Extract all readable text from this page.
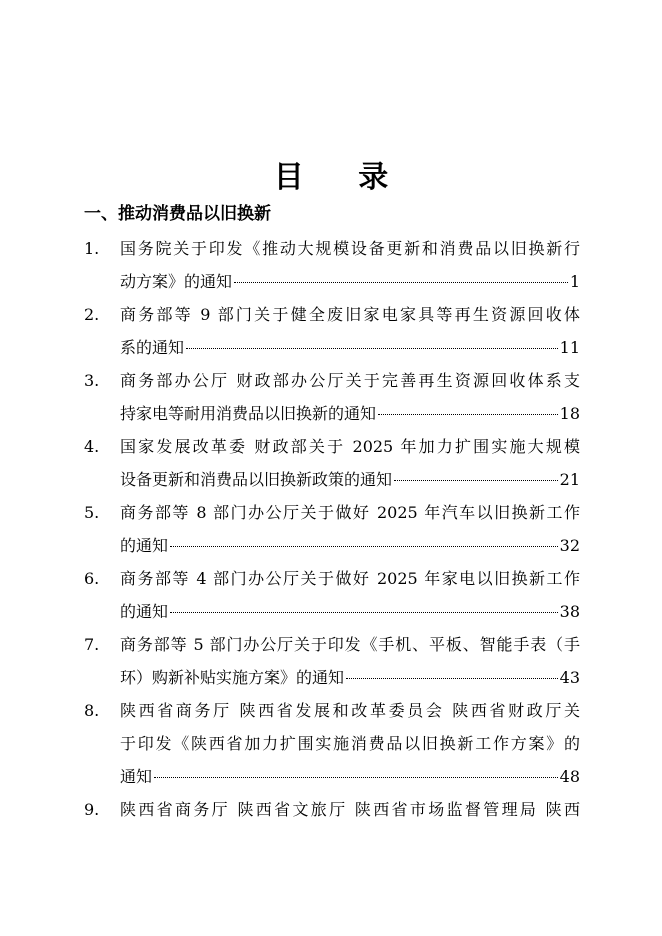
目 录
一、推动消费品以旧换新
1. 国务院关于印发《推动大规模设备更新和消费品以旧换新行
动方案》的通知	1
2. 商务部等 9 部门关于健全废旧家电家具等再生资源回收体
系的通知	11
3. 商务部办公厅 财政部办公厅关于完善再生资源回收体系支
持家电等耐用消费品以旧换新的通知	18
4. 国家发展改革委 财政部关于 2025 年加力扩围实施大规模
设备更新和消费品以旧换新政策的通知	21
5. 商务部等 8 部门办公厅关于做好 2025 年汽车以旧换新工作
的通知	32
6. 商务部等 4 部门办公厅关于做好 2025 年家电以旧换新工作
的通知	38
7. 商务部等 5 部门办公厅关于印发《手机、平板、智能手表（手
环）购新补贴实施方案》的通知	43
8. 陕西省商务厅 陕西省发展和改革委员会 陕西省财政厅关
于印发《陕西省加力扩围实施消费品以旧换新工作方案》的
通知	48
9. 陕西省商务厅 陕西省文旅厅 陕西省市场监督管理局 陕西
